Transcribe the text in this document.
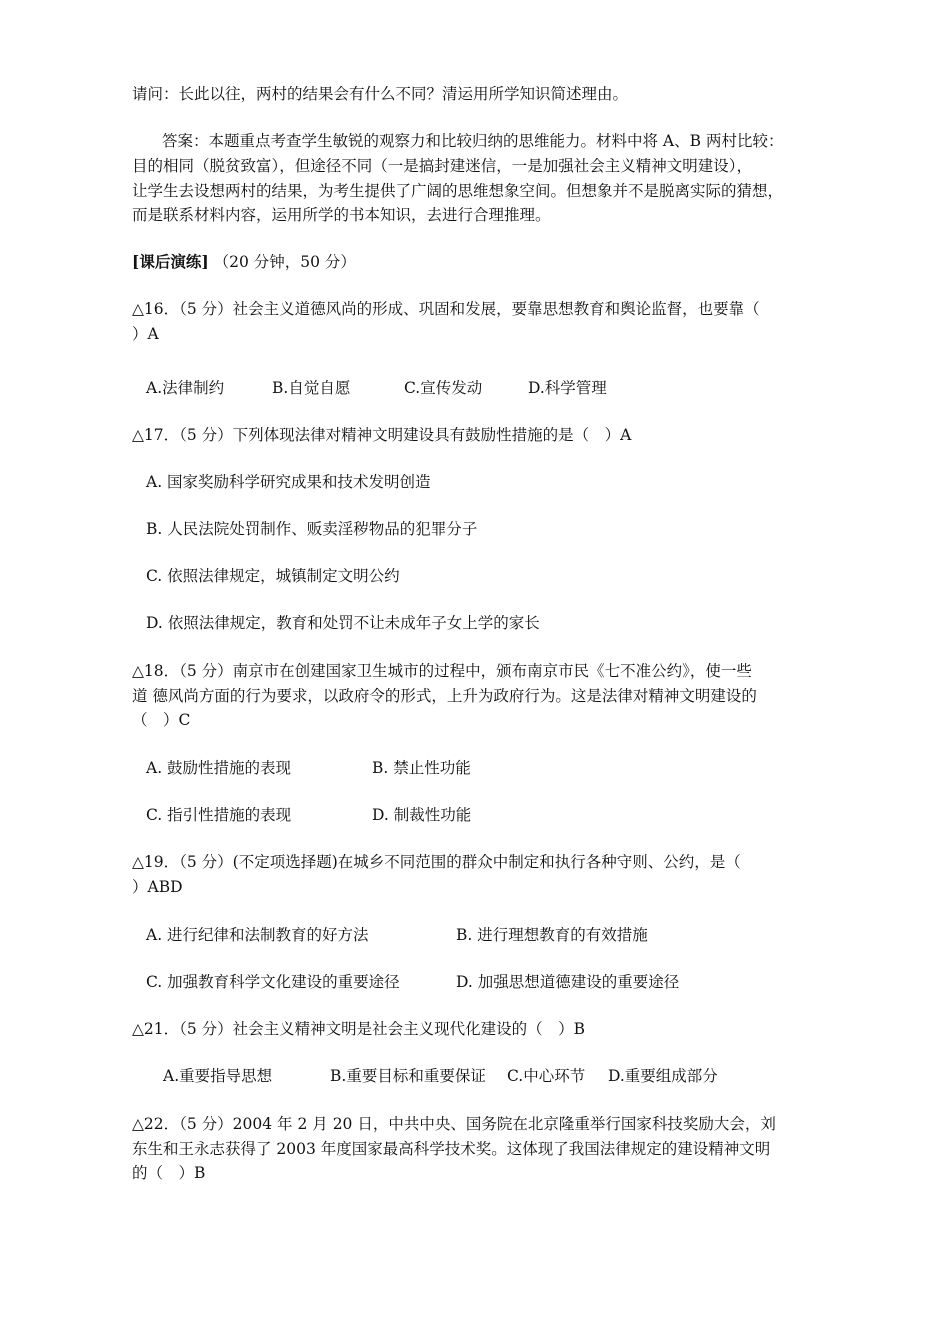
请问：长此以往，两村的结果会有什么不同？清运用所学知识简述理由。
答案：本题重点考查学生敏锐的观察力和比较归纳的思维能力。材料中将 A、B 两村比较：
目的相同（脱贫致富），但途径不同（一是搞封建迷信，一是加强社会主义精神文明建设），
让学生去设想两村的结果，为考生提供了广阔的思维想象空间。但想象并不是脱离实际的猜想，
而是联系材料内容，运用所学的书本知识，去进行合理推理。
[课后演练] （20 分钟，50 分）
△16．（5 分）社会主义道德风尚的形成、巩固和发展，要靠思想教育和舆论监督，也要靠（
）A
A.法律制约	B.自觉自愿	C.宣传发动	D.科学管理
△17．（5 分）下列体现法律对精神文明建设具有鼓励性措施的是（　）A
A. 国家奖励科学研究成果和技术发明创造
B. 人民法院处罚制作、贩卖淫秽物品的犯罪分子
C. 依照法律规定，城镇制定文明公约
D. 依照法律规定，教育和处罚不让未成年子女上学的家长
△18．（5 分）南京市在创建国家卫生城市的过程中，颁布南京市民《七不准公约》，使一些
道 德风尚方面的行为要求，以政府令的形式，上升为政府行为。这是法律对精神文明建设的
（　）C
A. 鼓励性措施的表现	B. 禁止性功能
C. 指引性措施的表现	D. 制裁性功能
△19．（5 分）(不定项选择题)在城乡不同范围的群众中制定和执行各种守则、公约，是（
）ABD
A. 进行纪律和法制教育的好方法	B. 进行理想教育的有效措施
C. 加强教育科学文化建设的重要途径	D. 加强思想道德建设的重要途径
△21．（5 分）社会主义精神文明是社会主义现代化建设的（　）B
A.重要指导思想	B.重要目标和重要保证 C.中心环节 D.重要组成部分
△22．（5 分）2004 年 2 月 20 日，中共中央、国务院在北京隆重举行国家科技奖励大会，刘
东生和王永志获得了 2003 年度国家最高科学技术奖。这体现了我国法律规定的建设精神文明
的（　）B
